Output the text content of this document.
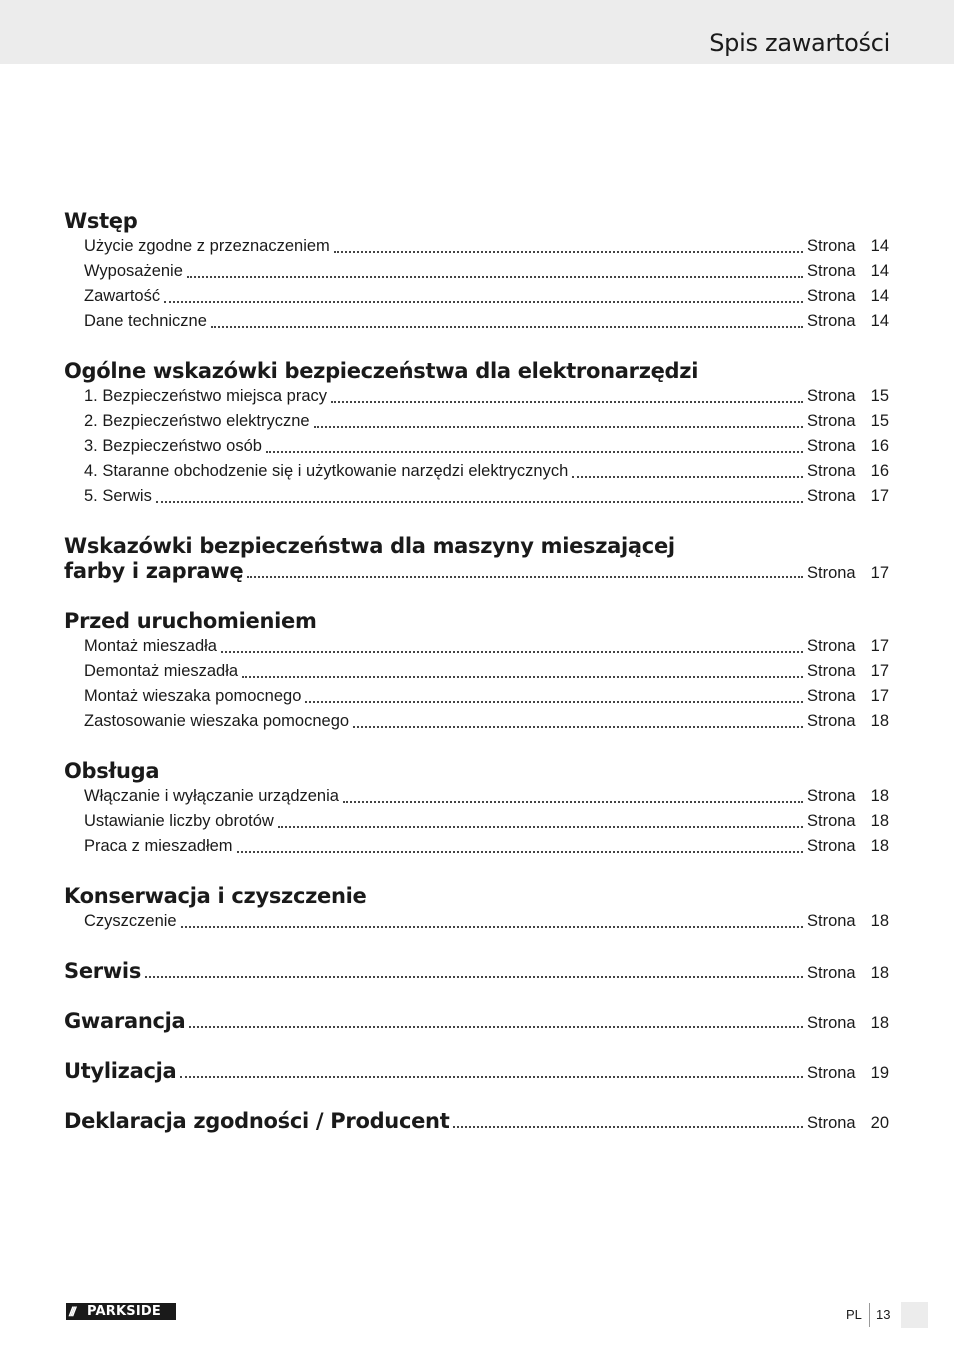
Spis zawartości
Wstęp
Użycie zgodne z przeznaczeniem	Strona 14
Wyposażenie	Strona 14
Zawartość	Strona 14
Dane techniczne	Strona 14
Ogólne wskazówki bezpieczeństwa dla elektronarzędzi
1. Bezpieczeństwo miejsca pracy	Strona 15
2. Bezpieczeństwo elektryczne	Strona 15
3. Bezpieczeństwo osób	Strona 16
4. Staranne obchodzenie się i użytkowanie narzędzi elektrycznych	Strona 16
5. Serwis	Strona 17
Wskazówki bezpieczeństwa dla maszyny mieszającej
farby i zaprawę	Strona 17
Przed uruchomieniem
Montaż mieszadła	Strona 17
Demontaż mieszadła	Strona 17
Montaż wieszaka pomocnego	Strona 17
Zastosowanie wieszaka pomocnego	Strona 18
Obsługa
Włączanie i wyłączanie urządzenia	Strona 18
Ustawianie liczby obrotów	Strona 18
Praca z mieszadłem	Strona 18
Konserwacja i czyszczenie
Czyszczenie	Strona 18
Serwis	Strona 18
Gwarancja	Strona 18
Utylizacja	Strona 19
Deklaracja zgodności / Producent	Strona 20
///	PARKSIDE	PL 13
